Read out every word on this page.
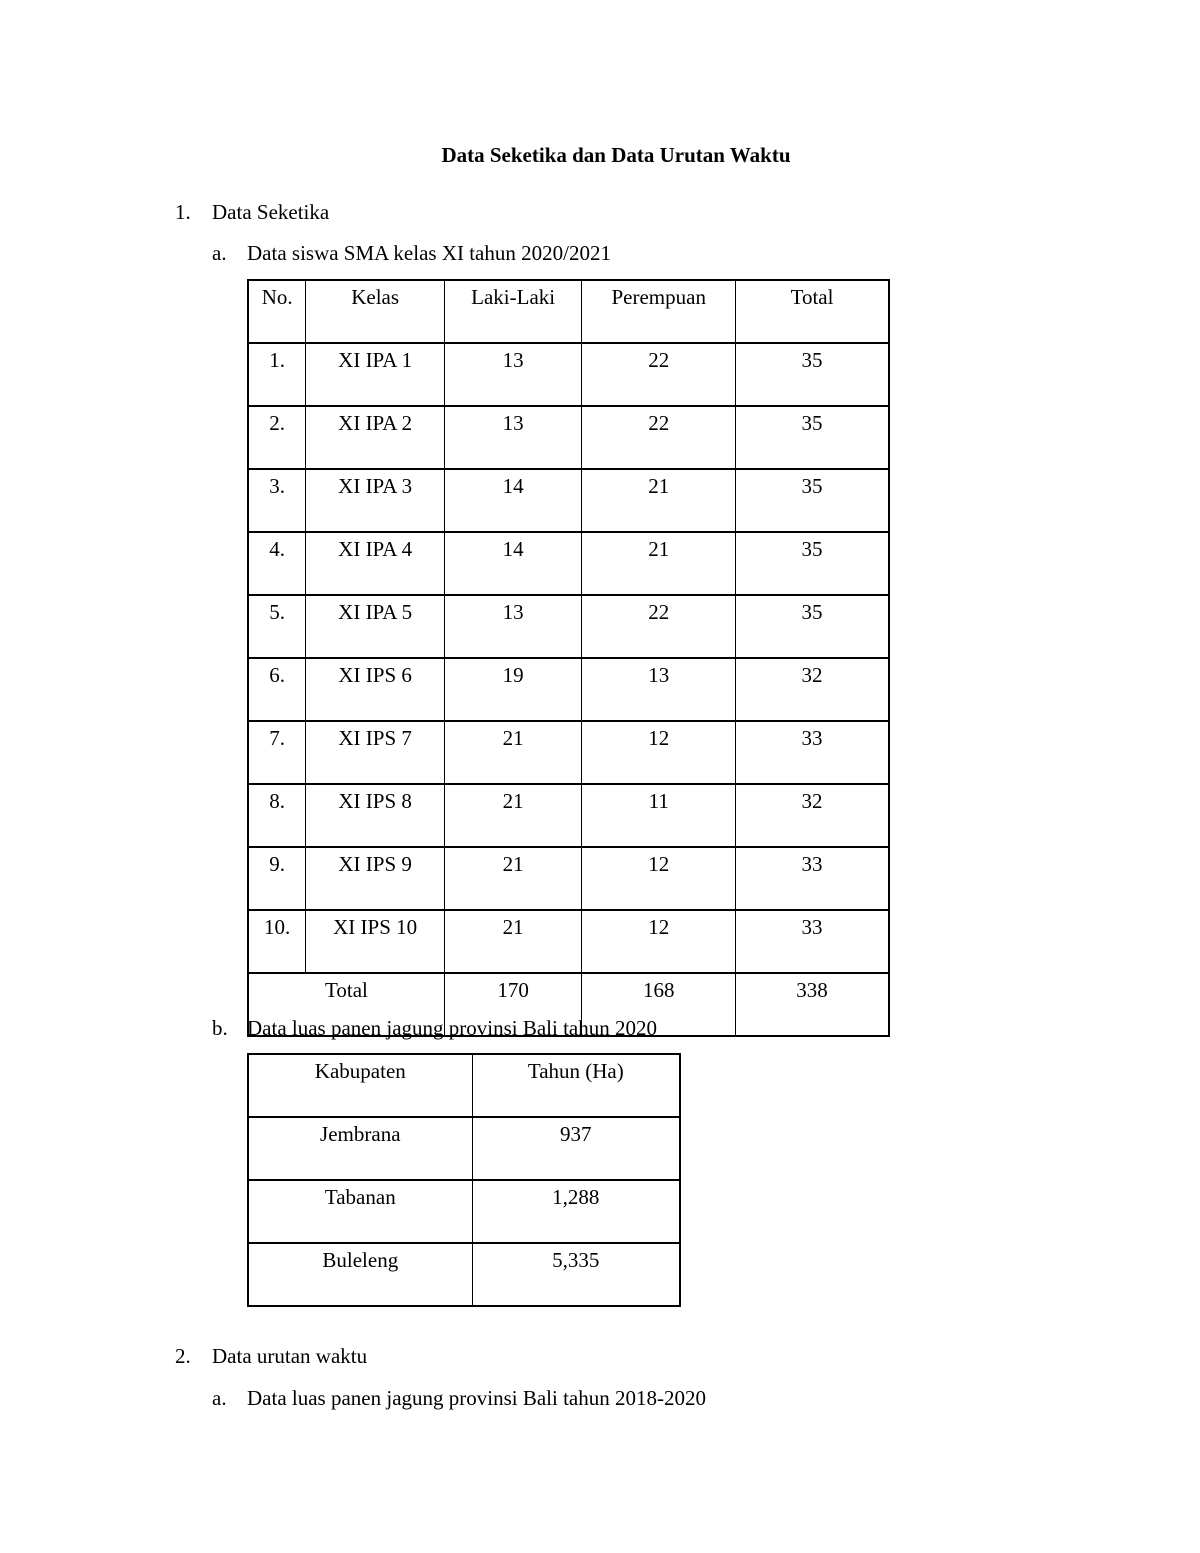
Data Seketika dan Data Urutan Waktu
1. Data Seketika
a. Data siswa SMA kelas XI tahun 2020/2021
No.	Kelas	Laki-Laki	Perempuan	Total
1.	XI IPA 1	13	22	35
2.	XI IPA 2	13	22	35
3.	XI IPA 3	14	21	35
4.	XI IPA 4	14	21	35
5.	XI IPA 5	13	22	35
6.	XI IPS 6	19	13	32
7.	XI IPS 7	21	12	33
8.	XI IPS 8	21	11	32
9.	XI IPS 9	21	12	33
10.	XI IPS 10	21	12	33
Total		170	168	338
b. Data luas panen jagung provinsi Bali tahun 2020
Kabupaten	Tahun (Ha)
Jembrana	937
Tabanan	1,288
Buleleng	5,335
2. Data urutan waktu
a. Data luas panen jagung provinsi Bali tahun 2018-2020
